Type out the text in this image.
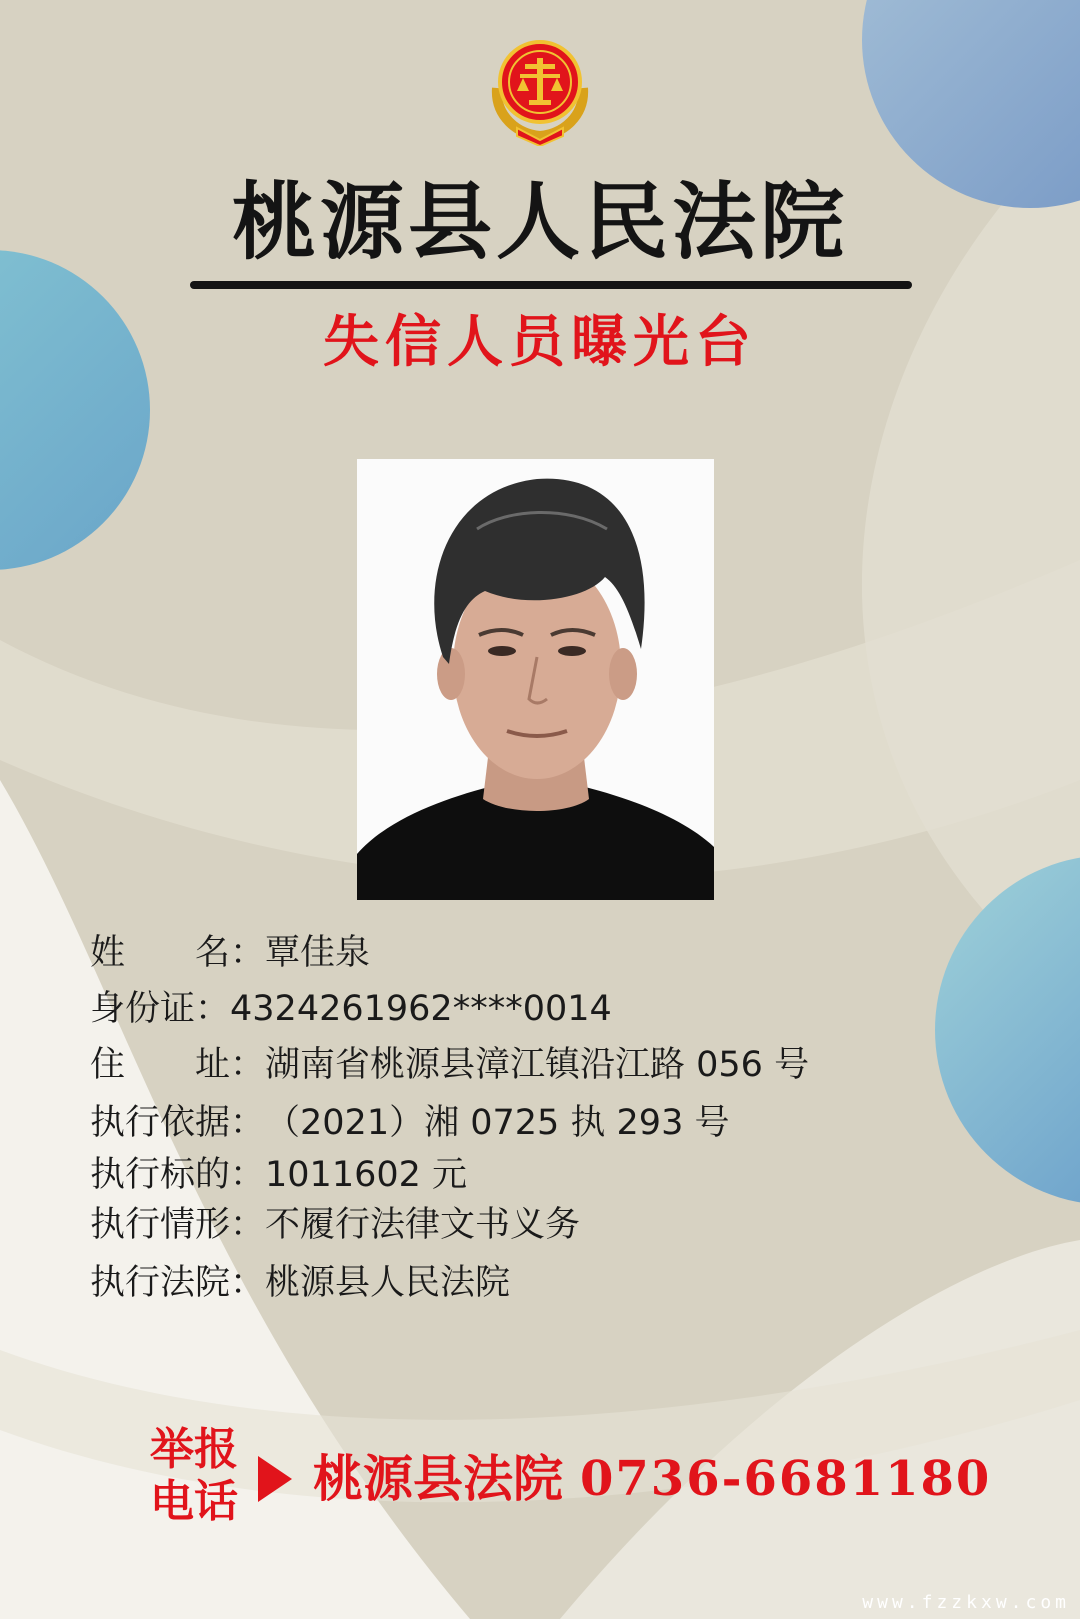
桃源县人民法院
失信人员曝光台
姓　　名：覃佳泉
身份证：4324261962****0014
住　　址：湖南省桃源县漳江镇沿江路 056 号
执行依据：（2021）湘 0725 执 293 号
执行标的：1011602 元
执行情形：不履行法律文书义务
执行法院：桃源县人民法院
举报
电话	桃源县法院 0736-6681180
www.fzzkxw.com
